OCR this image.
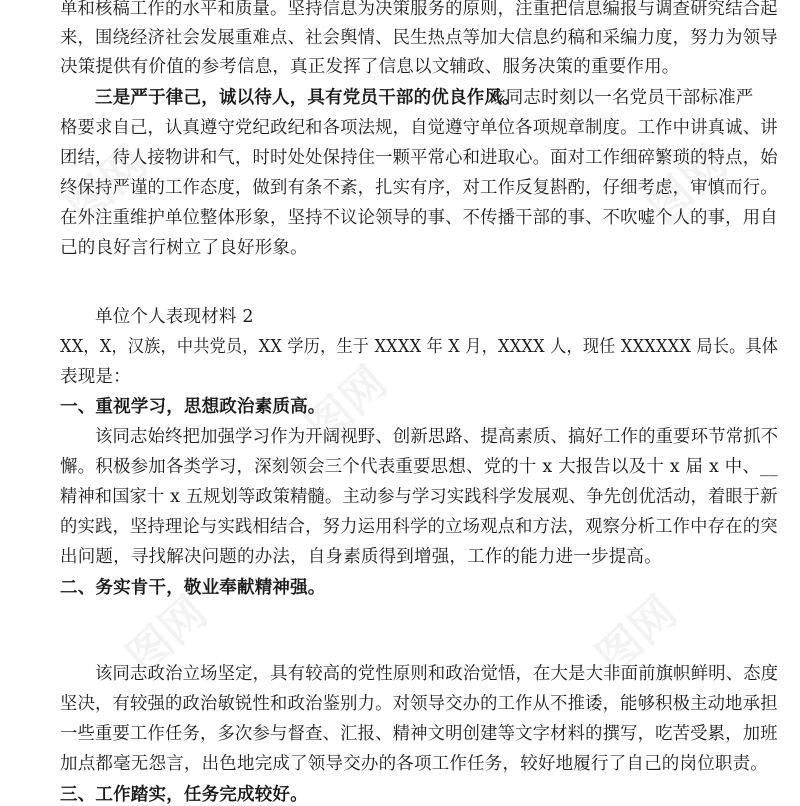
图网	图网
图网
图网	图网

单和核稿工作的水平和质量。坚持信息为决策服务的原则，注重把信息编报与调查研究结合起

来，围绕经济社会发展重难点、社会舆情、民生热点等加大信息约稿和采编力度，努力为领导

决策提供有价值的参考信息，真正发挥了信息以文辅政、服务决策的重要作用。

三是严于律己，诚以待人，具有党员干部的优良作风。

该同志时刻以一名党员干部标准严

格要求自己，认真遵守党纪政纪和各项法规，自觉遵守单位各项规章制度。工作中讲真诚、讲

团结，待人接物讲和气，时时处处保持住一颗平常心和进取心。面对工作细碎繁琐的特点，始

终保持严谨的工作态度，做到有条不紊，扎实有序，对工作反复斟酌，仔细考虑，审慎而行。

在外注重维护单位整体形象，坚持不议论领导的事、不传播干部的事、不吹嘘个人的事，用自

己的良好言行树立了良好形象。

单位个人表现材料 2

XX，X，汉族，中共党员，XX 学历，生于 XXXX 年 X 月，XXXX 人，现任 XXXXXX 局长。具体

表现是：

一、重视学习，思想政治素质高。

该同志始终把加强学习作为开阔视野、创新思路、提高素质、搞好工作的重要环节常抓不

懈。积极参加各类学习，深刻领会三个代表重要思想、党的十 x 大报告以及十 x 届 x 中、__

精神和国家十 x 五规划等政策精髓。主动参与学习实践科学发展观、争先创优活动，着眼于新

的实践，坚持理论与实践相结合，努力运用科学的立场观点和方法，观察分析工作中存在的突

出问题，寻找解决问题的办法，自身素质得到增强，工作的能力进一步提高。

二、务实肯干，敬业奉献精神强。

该同志政治立场坚定，具有较高的党性原则和政治觉悟，在大是大非面前旗帜鲜明、态度

坚决，有较强的政治敏锐性和政治鉴别力。对领导交办的工作从不推诿，能够积极主动地承担

一些重要工作任务，多次参与督查、汇报、精神文明创建等文字材料的撰写，吃苦受累，加班

加点都毫无怨言，出色地完成了领导交办的各项工作任务，较好地履行了自己的岗位职责。

三、工作踏实，任务完成较好。
